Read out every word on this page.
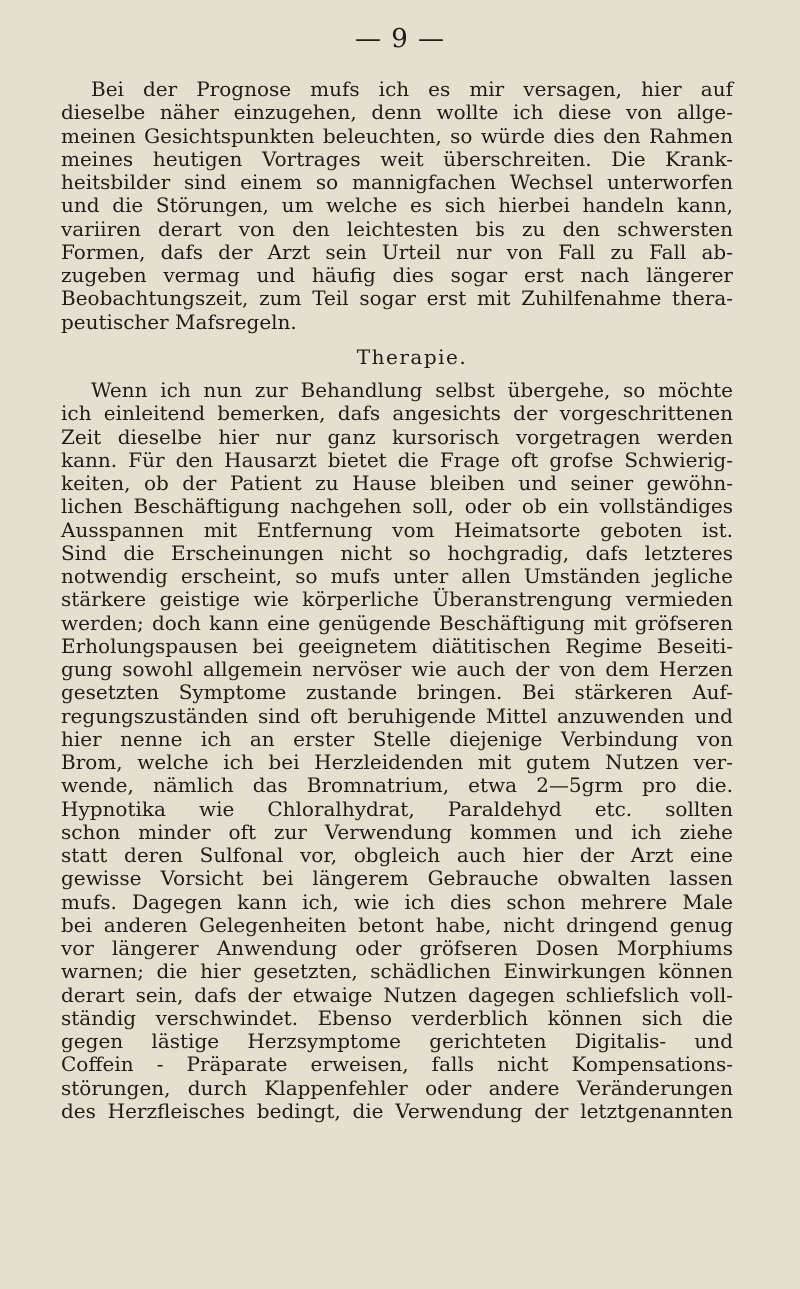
— 9 —
Bei der Prognose mufs ich es mir versagen, hier auf
dieselbe näher einzugehen, denn wollte ich diese von allge-
meinen Gesichtspunkten beleuchten, so würde dies den Rahmen
meines heutigen Vortrages weit überschreiten. Die Krank-
heitsbilder sind einem so mannigfachen Wechsel unterworfen
und die Störungen, um welche es sich hierbei handeln kann,
variiren derart von den leichtesten bis zu den schwersten
Formen, dafs der Arzt sein Urteil nur von Fall zu Fall ab-
zugeben vermag und häufig dies sogar erst nach längerer
Beobachtungszeit, zum Teil sogar erst mit Zuhilfenahme thera-
peutischer Mafsregeln.
Therapie.
Wenn ich nun zur Behandlung selbst übergehe, so möchte
ich einleitend bemerken, dafs angesichts der vorgeschrittenen
Zeit dieselbe hier nur ganz kursorisch vorgetragen werden
kann. Für den Hausarzt bietet die Frage oft grofse Schwierig-
keiten, ob der Patient zu Hause bleiben und seiner gewöhn-
lichen Beschäftigung nachgehen soll, oder ob ein vollständiges
Ausspannen mit Entfernung vom Heimatsorte geboten ist.
Sind die Erscheinungen nicht so hochgradig, dafs letzteres
notwendig erscheint, so mufs unter allen Umständen jegliche
stärkere geistige wie körperliche Überanstrengung vermieden
werden; doch kann eine genügende Beschäftigung mit gröfseren
Erholungspausen bei geeignetem diätitischen Regime Beseiti-
gung sowohl allgemein nervöser wie auch der von dem Herzen
gesetzten Symptome zustande bringen. Bei stärkeren Auf-
regungszuständen sind oft beruhigende Mittel anzuwenden und
hier nenne ich an erster Stelle diejenige Verbindung von
Brom, welche ich bei Herzleidenden mit gutem Nutzen ver-
wende, nämlich das Bromnatrium, etwa 2—5grm pro die.
Hypnotika wie Chloralhydrat, Paraldehyd etc. sollten
schon minder oft zur Verwendung kommen und ich ziehe
statt deren Sulfonal vor, obgleich auch hier der Arzt eine
gewisse Vorsicht bei längerem Gebrauche obwalten lassen
mufs. Dagegen kann ich, wie ich dies schon mehrere Male
bei anderen Gelegenheiten betont habe, nicht dringend genug
vor längerer Anwendung oder gröfseren Dosen Morphiums
warnen; die hier gesetzten, schädlichen Einwirkungen können
derart sein, dafs der etwaige Nutzen dagegen schliefslich voll-
ständig verschwindet. Ebenso verderblich können sich die
gegen lästige Herzsymptome gerichteten Digitalis- und
Coffein - Präparate erweisen, falls nicht Kompensations-
störungen, durch Klappenfehler oder andere Veränderungen
des Herzfleisches bedingt, die Verwendung der letztgenannten
